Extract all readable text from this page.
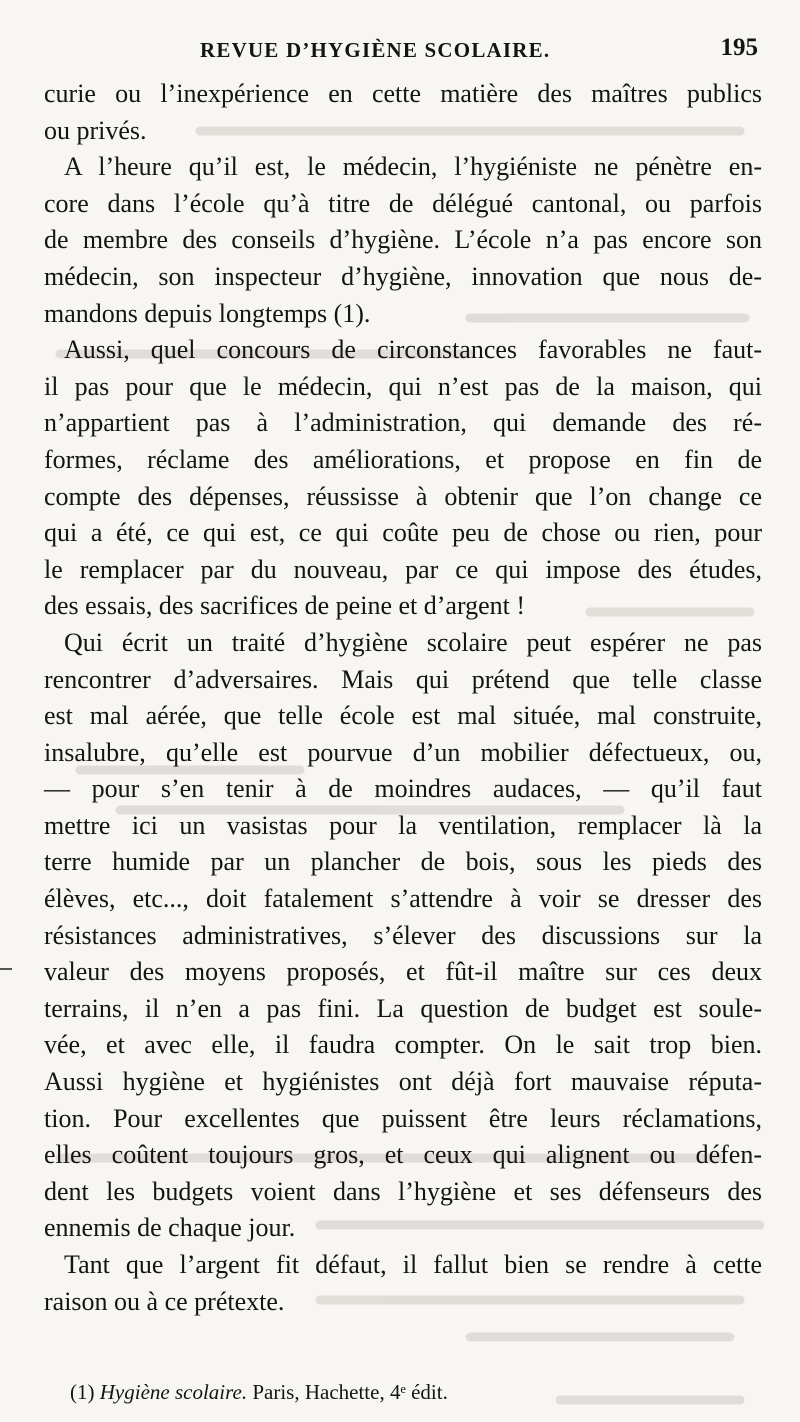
REVUE D’HYGIÈNE SCOLAIRE.	195
curie ou l’inexpérience en cette matière des maîtres publics
ou privés.
A l’heure qu’il est, le médecin, l’hygiéniste ne pénètre en-
core dans l’école qu’à titre de délégué cantonal, ou parfois
de membre des conseils d’hygiène. L’école n’a pas encore son
médecin, son inspecteur d’hygiène, innovation que nous de-
mandons depuis longtemps (1).
Aussi, quel concours de circonstances favorables ne faut-
il pas pour que le médecin, qui n’est pas de la maison, qui
n’appartient pas à l’administration, qui demande des ré-
formes, réclame des améliorations, et propose en fin de
compte des dépenses, réussisse à obtenir que l’on change ce
qui a été, ce qui est, ce qui coûte peu de chose ou rien, pour
le remplacer par du nouveau, par ce qui impose des études,
des essais, des sacrifices de peine et d’argent !
Qui écrit un traité d’hygiène scolaire peut espérer ne pas
rencontrer d’adversaires. Mais qui prétend que telle classe
est mal aérée, que telle école est mal située, mal construite,
insalubre, qu’elle est pourvue d’un mobilier défectueux, ou,
— pour s’en tenir à de moindres audaces, — qu’il faut
mettre ici un vasistas pour la ventilation, remplacer là la
terre humide par un plancher de bois, sous les pieds des
élèves, etc..., doit fatalement s’attendre à voir se dresser des
résistances administratives, s’élever des discussions sur la
valeur des moyens proposés, et fût-il maître sur ces deux
terrains, il n’en a pas fini. La question de budget est soule-
vée, et avec elle, il faudra compter. On le sait trop bien.
Aussi hygiène et hygiénistes ont déjà fort mauvaise réputa-
tion. Pour excellentes que puissent être leurs réclamations,
elles coûtent toujours gros, et ceux qui alignent ou défen-
dent les budgets voient dans l’hygiène et ses défenseurs des
ennemis de chaque jour.
Tant que l’argent fit défaut, il fallut bien se rendre à cette
raison ou à ce prétexte.
(1) Hygiène scolaire. Paris, Hachette, 4ᵉ édit.
